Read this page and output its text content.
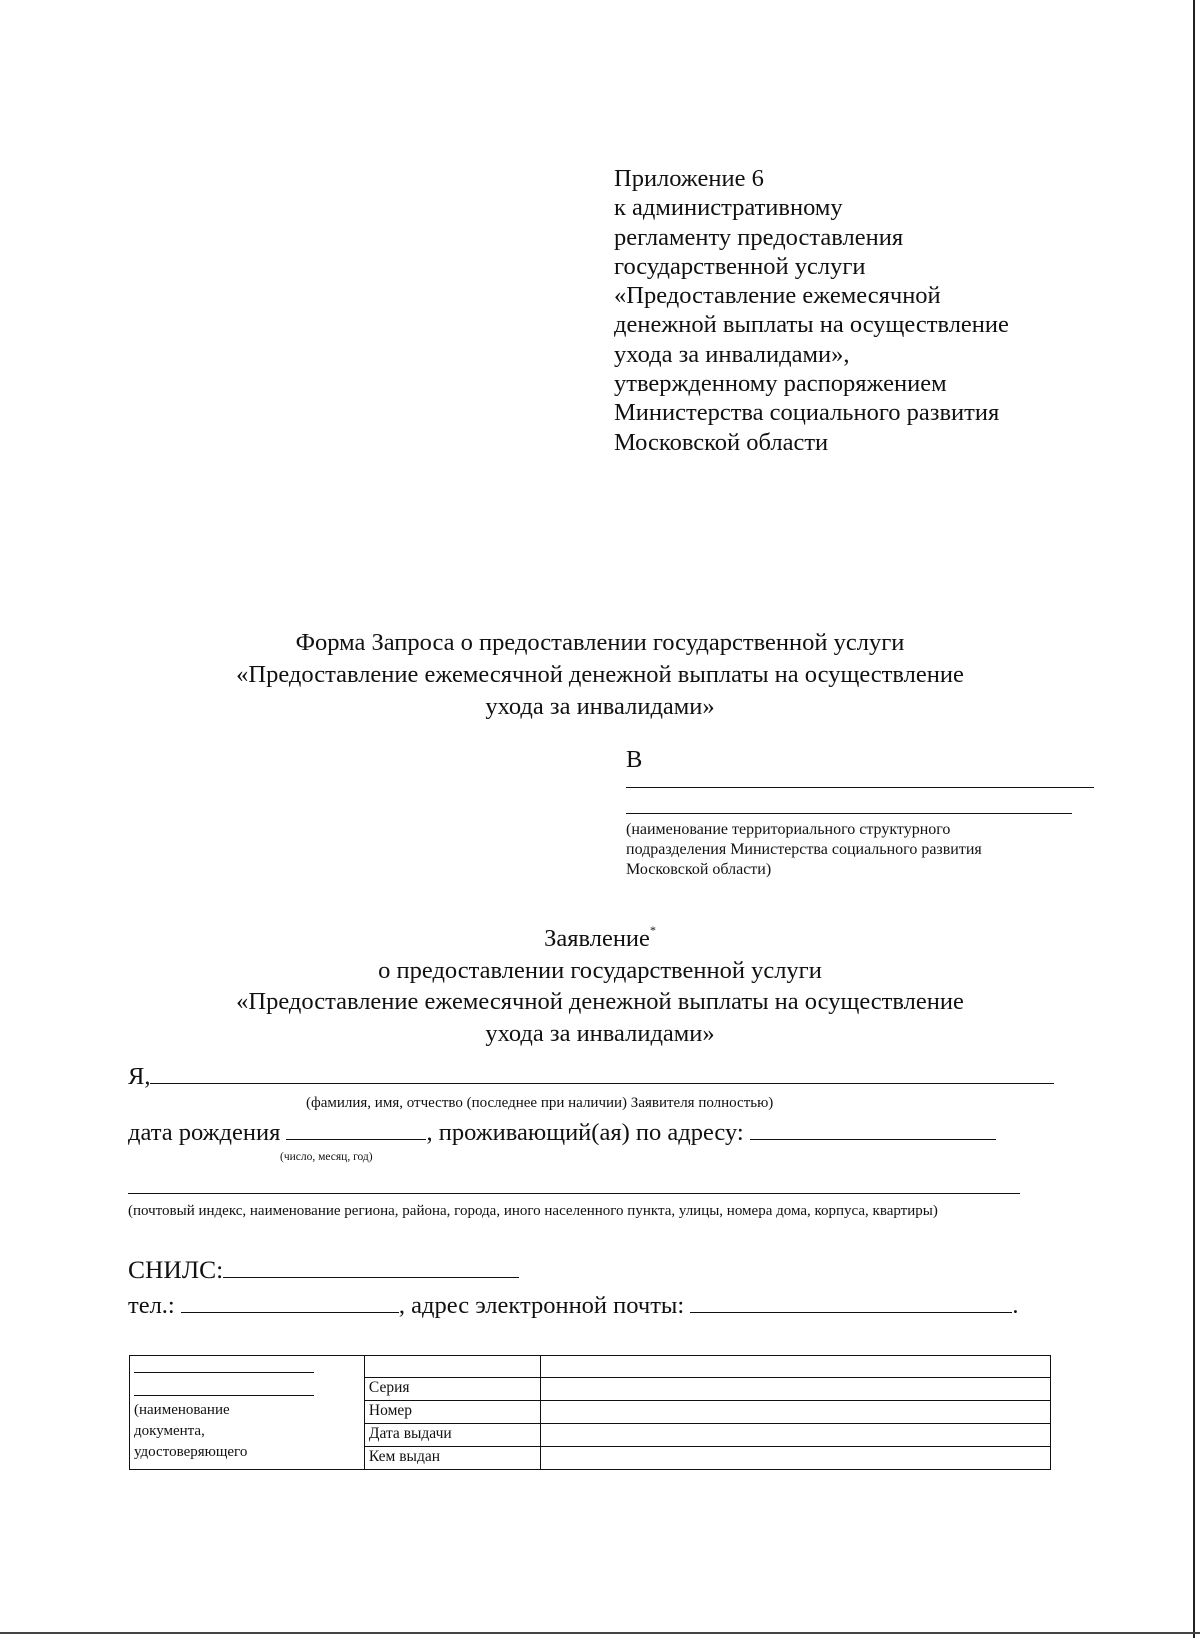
Приложение 6
к административному
регламенту предоставления
государственной услуги
«Предоставление ежемесячной
денежной выплаты на осуществление
ухода за инвалидами»,
утвержденному распоряжением
Министерства социального развития
Московской области
Форма Запроса о предоставлении государственной услуги
«Предоставление ежемесячной денежной выплаты на осуществление
ухода за инвалидами»
В
(наименование территориального структурного
подразделения Министерства социального развития
Московской области)
Заявление*
о предоставлении государственной услуги
«Предоставление ежемесячной денежной выплаты на осуществление
ухода за инвалидами»
Я,
(фамилия, имя, отчество (последнее при наличии) Заявителя полностью)
дата рождения	, проживающий(ая) по адресу:
(число, месяц, год)
(почтовый индекс, наименование региона, района, города, иного населенного пункта, улицы, номера дома, корпуса, квартиры)
СНИЛС:
тел.:	, адрес электронной почты:	.
(наименование
документа,
удостоверяющего		

	Серия	
	Номер	
	Дата выдачи	
	Кем выдан	
